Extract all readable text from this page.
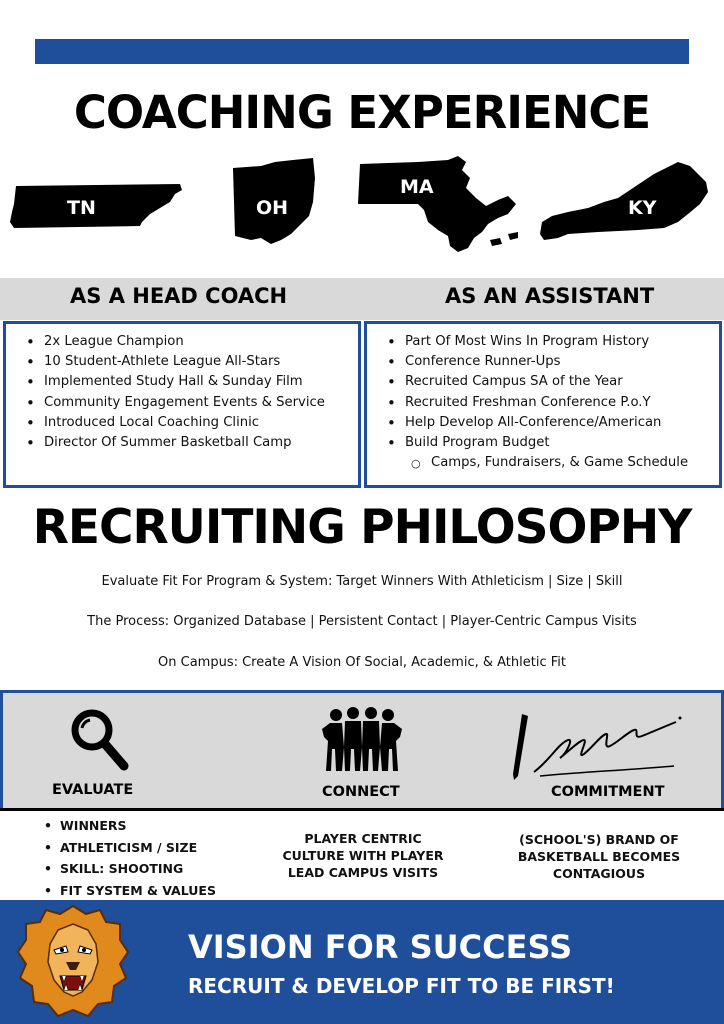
COACHING EXPERIENCE
TN	OH
MA
KY
AS A HEAD COACH	AS AN ASSISTANT
• 2x League Champion
• 10 Student-Athlete League All-Stars
• Implemented Study Hall & Sunday Film
• Community Engagement Events & Service
• Introduced Local Coaching Clinic
• Director Of Summer Basketball Camp
• Part Of Most Wins In Program History
• Conference Runner-Ups
• Recruited Campus SA of the Year
• Recruited Freshman Conference P.o.Y
• Help Develop All-Conference/American
• Build Program Budget
○ Camps, Fundraisers, & Game Schedule
RECRUITING PHILOSOPHY
Evaluate Fit For Program & System: Target Winners With Athleticism | Size | Skill
The Process: Organized Database | Persistent Contact | Player-Centric Campus Visits
On Campus: Create A Vision Of Social, Academic, & Athletic Fit
EVALUATE	CONNECT	COMMITMENT
• WINNERS
• ATHLETICISM / SIZE
• SKILL: SHOOTING
• FIT SYSTEM & VALUES
PLAYER CENTRIC
CULTURE WITH PLAYER
LEAD CAMPUS VISITS
(SCHOOL'S) BRAND OF
BASKETBALL BECOMES
CONTAGIOUS
VISION FOR SUCCESS
RECRUIT & DEVELOP FIT TO BE FIRST!
